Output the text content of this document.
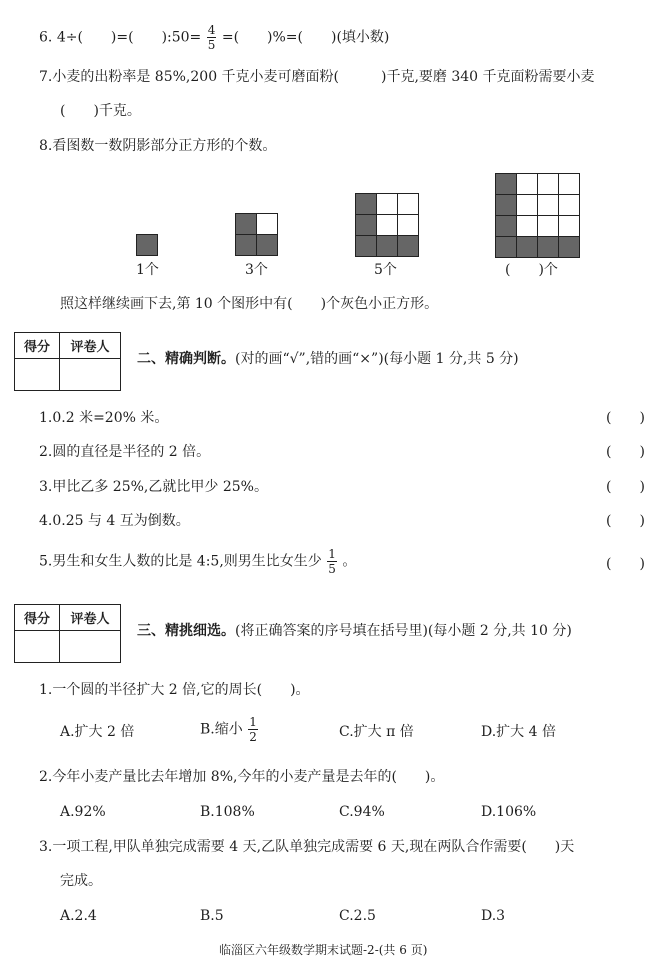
6. 4÷(　　)=(　　):50= $\frac{4}{5}$ =(　　)%=(　　)(填小数)
7.小麦的出粉率是 85%,200 千克小麦可磨面粉(　　　)千克,要磨 340 千克面粉需要小麦
(　　)千克。
8.看图数一数阴影部分正方形的个数。
1个	3个	5个	(　　)个
照这样继续画下去,第 10 个图形中有(　　)个灰色小正方形。
得分	评卷人
二、精确判断。(对的画“√”,错的画“×”)(每小题 1 分,共 5 分)
1.0.2 米=20% 米。	(　　)
2.圆的直径是半径的 2 倍。	(　　)
3.甲比乙多 25%,乙就比甲少 25%。	(　　)
4.0.25 与 4 互为倒数。	(　　)
5.男生和女生人数的比是 4:5,则男生比女生少 $\frac{1}{5}$ 。	(　　)
得分	评卷人
三、精挑细选。(将正确答案的序号填在括号里)(每小题 2 分,共 10 分)
1.一个圆的半径扩大 2 倍,它的周长(　　)。
A.扩大 2 倍	B.缩小 $\frac{1}{2}$	C.扩大 π 倍	D.扩大 4 倍
2.今年小麦产量比去年增加 8%,今年的小麦产量是去年的(　　)。
A.92%	B.108%	C.94%	D.106%
3.一项工程,甲队单独完成需要 4 天,乙队单独完成需要 6 天,现在两队合作需要(　　)天
完成。
A.2.4	B.5	C.2.5	D.3
临淄区六年级数学期末试题-2-(共 6 页)
